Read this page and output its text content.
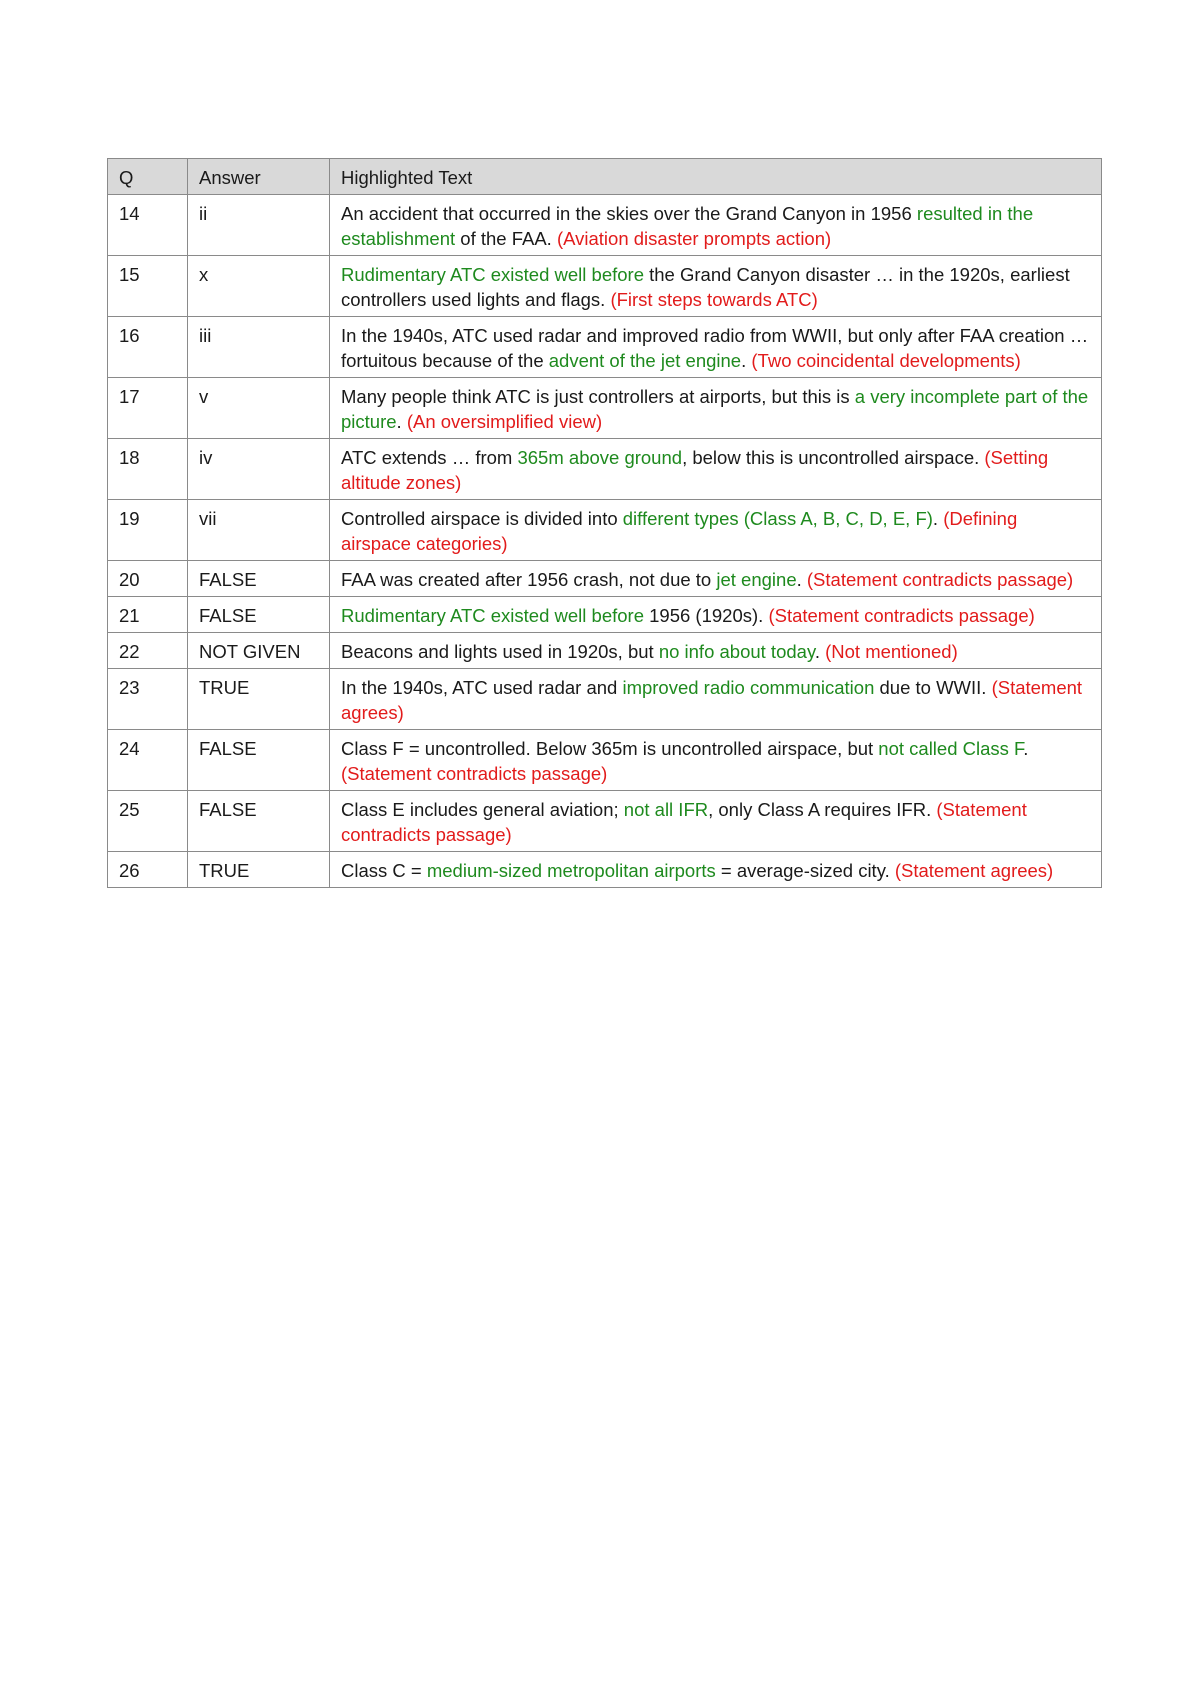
Q	Answer	Highlighted Text
14	ii	An accident that occurred in the skies over the Grand Canyon in 1956 resulted in the establishment of the FAA. (Aviation disaster prompts action)
15	x	Rudimentary ATC existed well before the Grand Canyon disaster … in the 1920s, earliest controllers used lights and flags. (First steps towards ATC)
16	iii	In the 1940s, ATC used radar and improved radio from WWII, but only after FAA creation … fortuitous because of the advent of the jet engine. (Two coincidental developments)
17	v	Many people think ATC is just controllers at airports, but this is a very incomplete part of the picture. (An oversimplified view)
18	iv	ATC extends … from 365m above ground, below this is uncontrolled airspace. (Setting altitude zones)
19	vii	Controlled airspace is divided into different types (Class A, B, C, D, E, F). (Defining airspace categories)
20	FALSE	FAA was created after 1956 crash, not due to jet engine. (Statement contradicts passage)
21	FALSE	Rudimentary ATC existed well before 1956 (1920s). (Statement contradicts passage)
22	NOT GIVEN	Beacons and lights used in 1920s, but no info about today. (Not mentioned)
23	TRUE	In the 1940s, ATC used radar and improved radio communication due to WWII. (Statement agrees)
24	FALSE	Class F = uncontrolled. Below 365m is uncontrolled airspace, but not called Class F. (Statement contradicts passage)
25	FALSE	Class E includes general aviation; not all IFR, only Class A requires IFR. (Statement contradicts passage)
26	TRUE	Class C = medium-sized metropolitan airports = average-sized city. (Statement agrees)
